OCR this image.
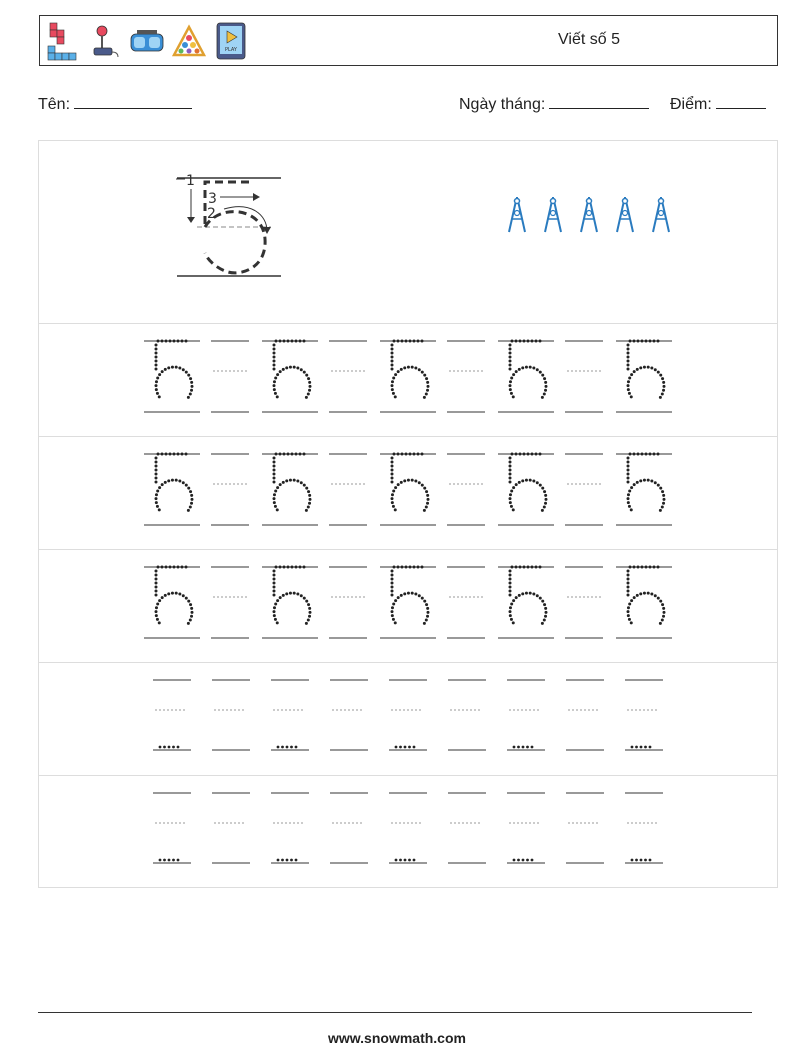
PLAY
Viết số 5
Tên:	Ngày tháng:	Điểm:
1
3
2
www.snowmath.com
